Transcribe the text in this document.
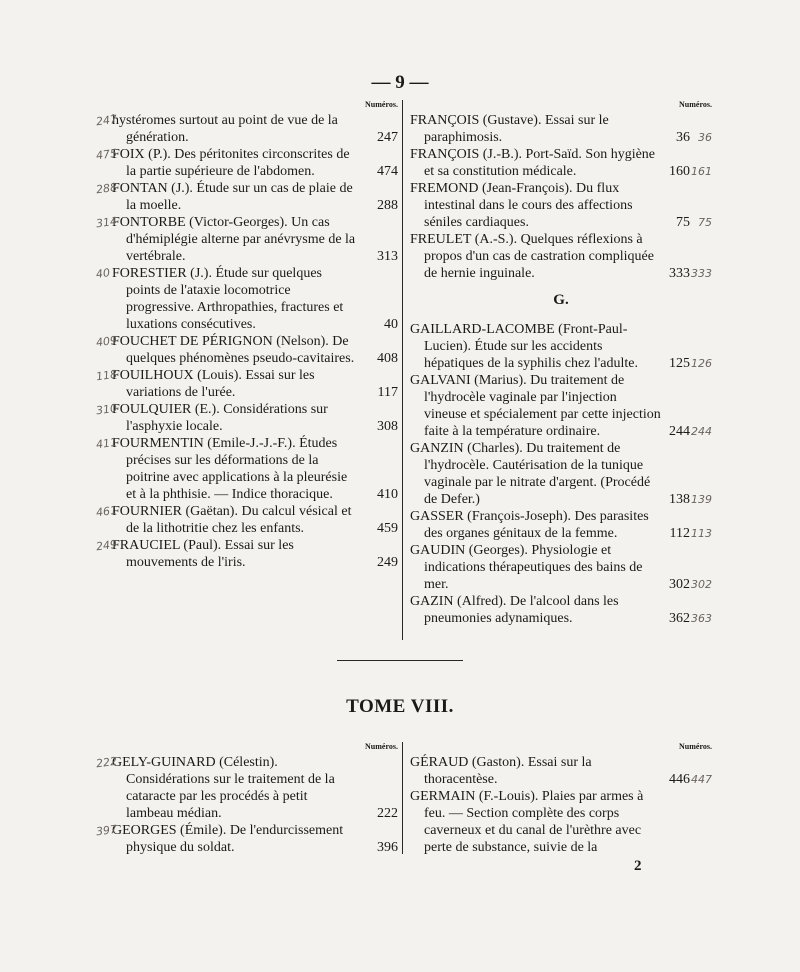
— 9 —
Numéros.
247
hystéromes surtout au point de vue de la génération.	247
475
FOIX (P.). Des péritonites circonscrites de la partie supérieure de l'abdomen.	474
288
FONTAN (J.). Étude sur un cas de plaie de la moelle.	288
314
FONTORBE (Victor-Georges). Un cas d'hémiplégie alterne par anévrysme de la vertébrale.	313
40 FORESTIER (J.). Étude sur quelques points de l'ataxie locomotrice progressive. Arthropathies, fractures et luxations consécutives.	40
409
FOUCHET DE PÉRIGNON (Nelson). De quelques phénomènes pseudo-cavitaires.	408
118
FOUILHOUX (Louis). Essai sur les variations de l'urée.	117
310
FOULQUIER (E.). Considérations sur l'asphyxie locale.	308
411
FOURMENTIN (Emile-J.-J.-F.). Études précises sur les déformations de la poitrine avec applications à la pleurésie et à la phthisie. — Indice thoracique.	410
461
FOURNIER (Gaëtan). Du calcul vésical et de la lithotritie chez les enfants.	459
249
FRAUCIEL (Paul). Essai sur les mouvements de l'iris.	249
Numéros.
FRANÇOIS (Gustave). Essai sur le paraphimosis.	36 36
FRANÇOIS (J.-B.). Port-Saïd. Son hygiène et sa constitution médicale.	160 161
FREMOND (Jean-François). Du flux intestinal dans le cours des affections séniles cardiaques.	75 75
FREULET (A.-S.). Quelques réflexions à propos d'un cas de castration compliquée de hernie inguinale.	333 333
G.
GAILLARD-LACOMBE (Front-Paul-Lucien). Étude sur les accidents hépatiques de la syphilis chez l'adulte.	125 126
GALVANI (Marius). Du traitement de l'hydrocèle vaginale par l'injection vineuse et spécialement par cette injection faite à la température ordinaire.	244 244
GANZIN (Charles). Du traitement de l'hydrocèle. Cautérisation de la tunique vaginale par le nitrate d'argent. (Procédé de Defer.)	138 139
GASSER (François-Joseph). Des parasites des organes génitaux de la femme.	112 113
GAUDIN (Georges). Physiologie et indications thérapeutiques des bains de mer.	302 302
GAZIN (Alfred). De l'alcool dans les pneumonies adynamiques.	362 363
TOME VIII.
Numéros.
222
GELY-GUINARD (Célestin). Considérations sur le traitement de la cataracte par les procédés à petit lambeau médian.	222
397
GEORGES (Émile). De l'endurcissement physique du soldat.	396
Numéros.
GÉRAUD (Gaston). Essai sur la thoracentèse.	446 447
GERMAIN (F.-Louis). Plaies par armes à feu. — Section complète des corps caverneux et du canal de l'urèthre avec perte de substance, suivie de la
2
